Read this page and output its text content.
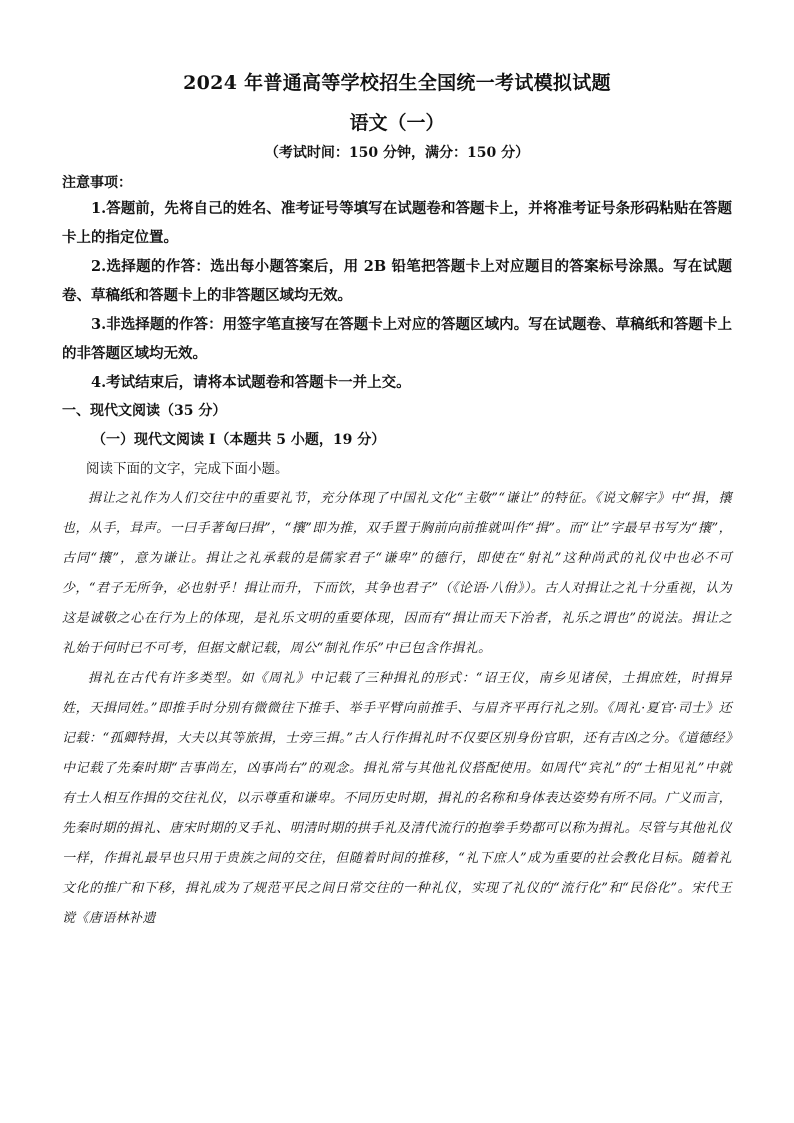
2024 年普通高等学校招生全国统一考试模拟试题
语文（一）
（考试时间：150 分钟，满分：150 分）
注意事项：

1.答题前，先将自己的姓名、准考证号等填写在试题卷和答题卡上，并将准考证号条形码粘贴在答题卡上的指定位置。

2.选择题的作答：选出每小题答案后，用 2B 铅笔把答题卡上对应题目的答案标号涂黑。写在试题卷、草稿纸和答题卡上的非答题区域均无效。

3.非选择题的作答：用签字笔直接写在答题卡上对应的答题区域内。写在试题卷、草稿纸和答题卡上的非答题区域均无效。

4.考试结束后，请将本试题卷和答题卡一并上交。

一、现代文阅读（35 分）
（一）现代文阅读 I（本题共 5 小题，19 分）
阅读下面的文字，完成下面小题。

揖让之礼作为人们交往中的重要礼节，充分体现了中国礼文化“主敬”“谦让”的特征。《说文解字》中“揖，攘也，从手，咠声。一曰手著匈曰揖”，“攘”即为推，双手置于胸前向前推就叫作“揖”。而“让”字最早书写为“攘”，古同“攘”，意为谦让。揖让之礼承载的是儒家君子“谦卑”的德行，即使在“射礼”这种尚武的礼仪中也必不可少，“君子无所争，必也射乎！揖让而升，下而饮，其争也君子”（《论语·八佾》）。古人对揖让之礼十分重视，认为这是诚敬之心在行为上的体现，是礼乐文明的重要体现，因而有“揖让而天下治者，礼乐之谓也”的说法。揖让之礼始于何时已不可考，但据文献记载，周公“制礼作乐”中已包含作揖礼。

揖礼在古代有许多类型。如《周礼》中记载了三种揖礼的形式：“诏王仪，南乡见诸侯，土揖庶姓，时揖异姓，天揖同姓。”即推手时分别有微微往下推手、举手平臂向前推手、与眉齐平再行礼之别。《周礼·夏官·司士》还记载：“孤卿特揖，大夫以其等旅揖，士旁三揖。”古人行作揖礼时不仅要区别身份官职，还有吉凶之分。《道德经》中记载了先秦时期“吉事尚左，凶事尚右”的观念。揖礼常与其他礼仪搭配使用。如周代“宾礼”的“士相见礼”中就有士人相互作揖的交往礼仪，以示尊重和谦卑。不同历史时期，揖礼的名称和身体表达姿势有所不同。广义而言，先秦时期的揖礼、唐宋时期的叉手礼、明清时期的拱手礼及清代流行的抱拳手势都可以称为揖礼。尽管与其他礼仪一样，作揖礼最早也只用于贵族之间的交往，但随着时间的推移，“礼下庶人”成为重要的社会教化目标。随着礼文化的推广和下移，揖礼成为了规范平民之间日常交往的一种礼仪，实现了礼仪的“流行化”和“民俗化”。宋代王谠《唐语林补遗
